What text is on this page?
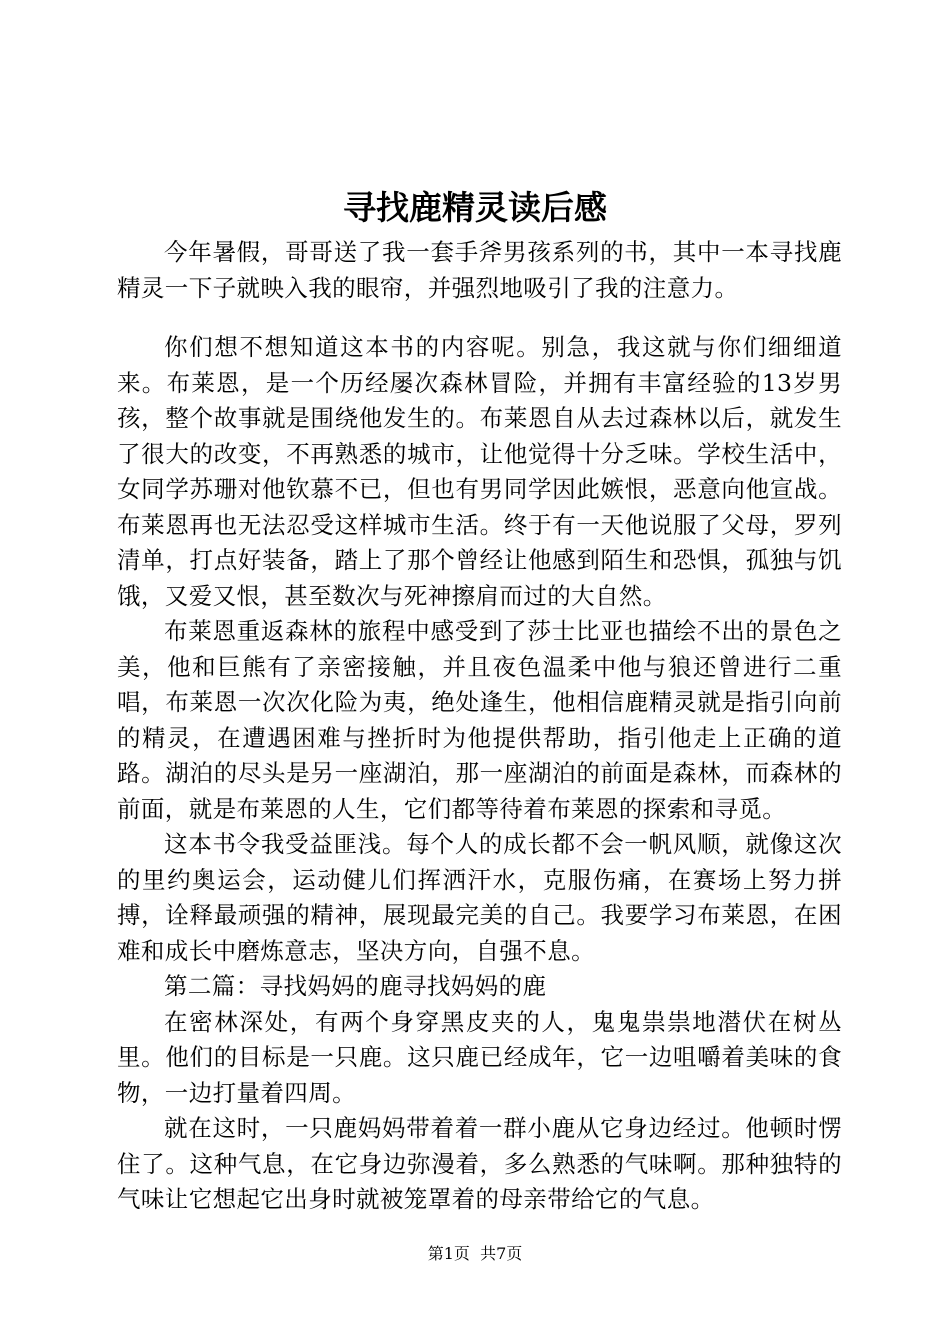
寻找鹿精灵读后感

今年暑假，哥哥送了我一套手斧男孩系列的书，其中一本寻找鹿精灵一下子就映入我的眼帘，并强烈地吸引了我的注意力。

你们想不想知道这本书的内容呢。别急，我这就与你们细细道来。布莱恩，是一个历经屡次森林冒险，并拥有丰富经验的13岁男孩，整个故事就是围绕他发生的。布莱恩自从去过森林以后，就发生了很大的改变，不再熟悉的城市，让他觉得十分乏味。学校生活中，女同学苏珊对他钦慕不已，但也有男同学因此嫉恨，恶意向他宣战。布莱恩再也无法忍受这样城市生活。终于有一天他说服了父母，罗列清单，打点好装备，踏上了那个曾经让他感到陌生和恐惧，孤独与饥饿，又爱又恨，甚至数次与死神擦肩而过的大自然。

布莱恩重返森林的旅程中感受到了莎士比亚也描绘不出的景色之美，他和巨熊有了亲密接触，并且夜色温柔中他与狼还曾进行二重唱，布莱恩一次次化险为夷，绝处逢生，他相信鹿精灵就是指引向前的精灵，在遭遇困难与挫折时为他提供帮助，指引他走上正确的道路。湖泊的尽头是另一座湖泊，那一座湖泊的前面是森林，而森林的前面，就是布莱恩的人生，它们都等待着布莱恩的探索和寻觅。

这本书令我受益匪浅。每个人的成长都不会一帆风顺，就像这次的里约奥运会，运动健儿们挥洒汗水，克服伤痛，在赛场上努力拼搏，诠释最顽强的精神，展现最完美的自己。我要学习布莱恩，在困难和成长中磨炼意志，坚决方向，自强不息。

第二篇：寻找妈妈的鹿寻找妈妈的鹿

在密林深处，有两个身穿黑皮夹的人，鬼鬼祟祟地潜伏在树丛里。他们的目标是一只鹿。这只鹿已经成年，它一边咀嚼着美味的食物，一边打量着四周。

就在这时，一只鹿妈妈带着着一群小鹿从它身边经过。他顿时愣住了。这种气息，在它身边弥漫着，多么熟悉的气味啊。那种独特的气味让它想起它出身时就被笼罩着的母亲带给它的气息。

第1页 共7页
